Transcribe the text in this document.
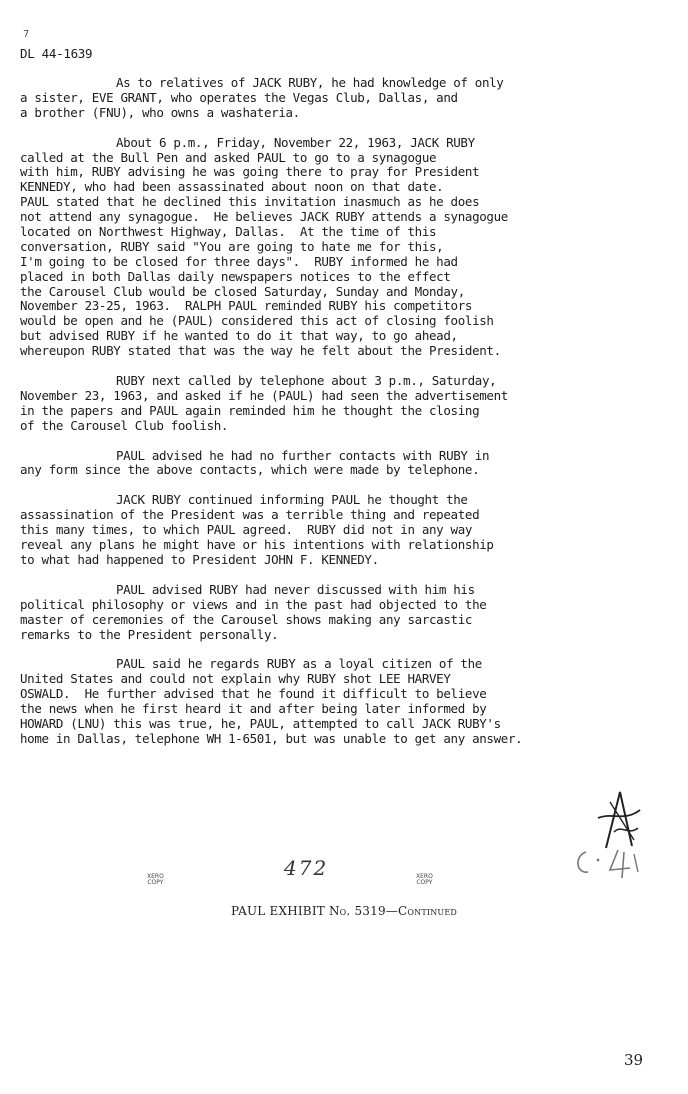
7
DL 44-1639
As to relatives of JACK RUBY, he had knowledge of only
a sister, EVE GRANT, who operates the Vegas Club, Dallas, and
a brother (FNU), who owns a washateria.
About 6 p.m., Friday, November 22, 1963, JACK RUBY
called at the Bull Pen and asked PAUL to go to a synagogue
with him, RUBY advising he was going there to pray for President
KENNEDY, who had been assassinated about noon on that date.
PAUL stated that he declined this invitation inasmuch as he does
not attend any synagogue.  He believes JACK RUBY attends a synagogue
located on Northwest Highway, Dallas.  At the time of this
conversation, RUBY said "You are going to hate me for this,
I'm going to be closed for three days".  RUBY informed he had
placed in both Dallas daily newspapers notices to the effect
the Carousel Club would be closed Saturday, Sunday and Monday,
November 23-25, 1963.  RALPH PAUL reminded RUBY his competitors
would be open and he (PAUL) considered this act of closing foolish
but advised RUBY if he wanted to do it that way, to go ahead,
whereupon RUBY stated that was the way he felt about the President.
RUBY next called by telephone about 3 p.m., Saturday,
November 23, 1963, and asked if he (PAUL) had seen the advertisement
in the papers and PAUL again reminded him he thought the closing
of the Carousel Club foolish.
PAUL advised he had no further contacts with RUBY in
any form since the above contacts, which were made by telephone.
JACK RUBY continued informing PAUL he thought the
assassination of the President was a terrible thing and repeated
this many times, to which PAUL agreed.  RUBY did not in any way
reveal any plans he might have or his intentions with relationship
to what had happened to President JOHN F. KENNEDY.
PAUL advised RUBY had never discussed with him his
political philosophy or views and in the past had objected to the
master of ceremonies of the Carousel shows making any sarcastic
remarks to the President personally.
PAUL said he regards RUBY as a loyal citizen of the
United States and could not explain why RUBY shot LEE HARVEY
OSWALD.  He further advised that he found it difficult to believe
the news when he first heard it and after being later informed by
HOWARD (LNU) this was true, he, PAUL, attempted to call JACK RUBY's
home in Dallas, telephone WH 1-6501, but was unable to get any answer.
472
XERO
COPY
XERO
COPY
PAUL EXHIBIT No. 5319—Continued
39
